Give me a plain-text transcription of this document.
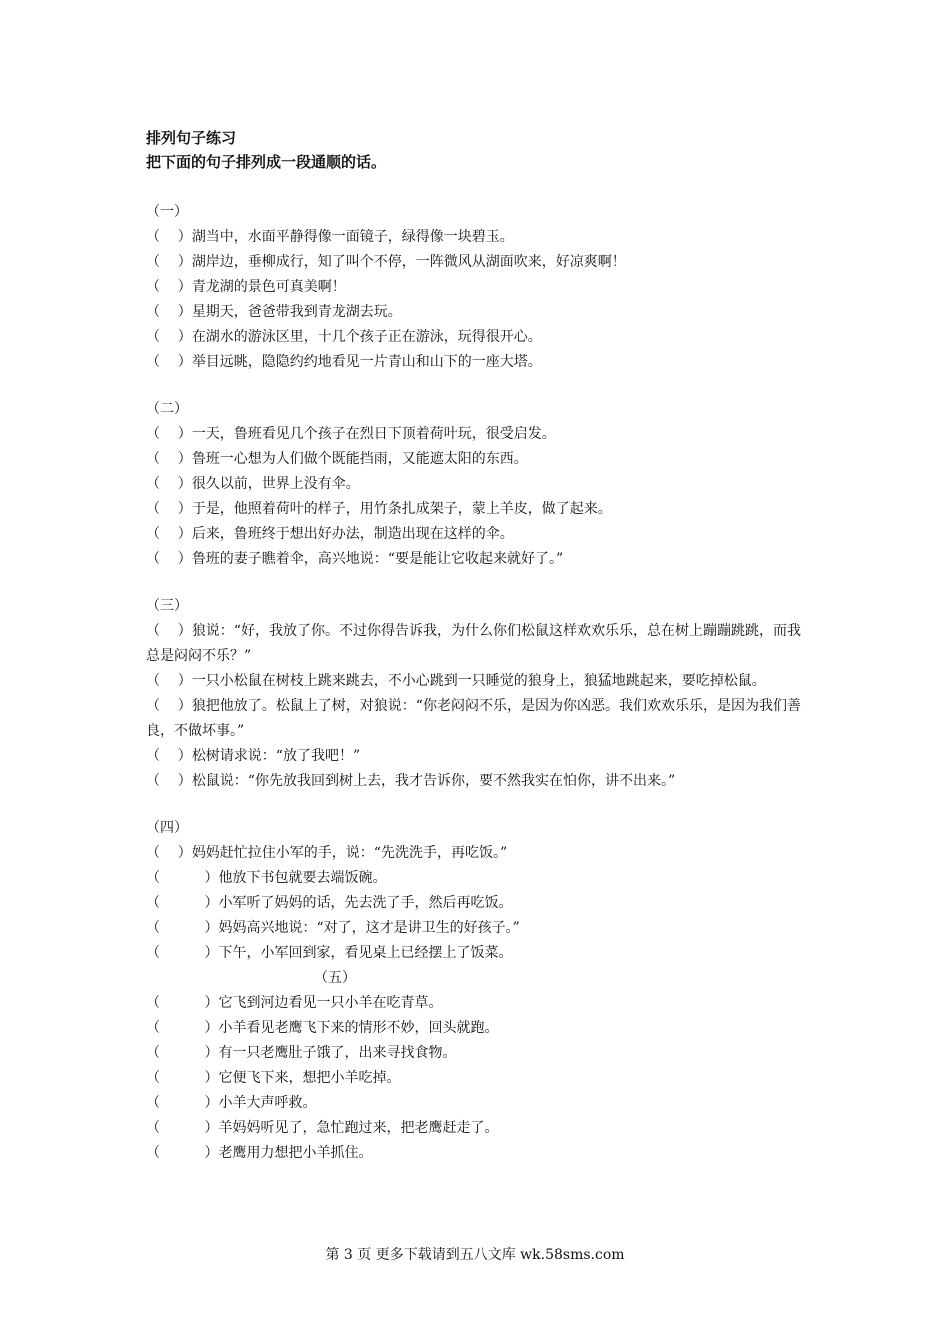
排列句子练习
把下面的句子排列成一段通顺的话。
（一）
（    ）湖当中，水面平静得像一面镜子，绿得像一块碧玉。
（    ）湖岸边，垂柳成行，知了叫个不停，一阵微风从湖面吹来，好凉爽啊！
（    ）青龙湖的景色可真美啊！
（    ）星期天，爸爸带我到青龙湖去玩。
（    ）在湖水的游泳区里，十几个孩子正在游泳，玩得很开心。
（    ）举目远眺，隐隐约约地看见一片青山和山下的一座大塔。
（二）
（    ）一天，鲁班看见几个孩子在烈日下顶着荷叶玩，很受启发。
（    ）鲁班一心想为人们做个既能挡雨，又能遮太阳的东西。
（    ）很久以前，世界上没有伞。
（    ）于是，他照着荷叶的样子，用竹条扎成架子，蒙上羊皮，做了起来。
（    ）后来，鲁班终于想出好办法，制造出现在这样的伞。
（    ）鲁班的妻子瞧着伞，高兴地说：“要是能让它收起来就好了。”
（三）
（    ）狼说：“好，我放了你。不过你得告诉我，为什么你们松鼠这样欢欢乐乐，总在树上蹦蹦跳跳，而我总是闷闷不乐？”
（    ）一只小松鼠在树枝上跳来跳去，不小心跳到一只睡觉的狼身上，狼猛地跳起来，要吃掉松鼠。
（    ）狼把他放了。松鼠上了树，对狼说：“你老闷闷不乐，是因为你凶恶。我们欢欢乐乐，是因为我们善良，不做坏事。”
（    ）松树请求说：“放了我吧！”
（    ）松鼠说：“你先放我回到树上去，我才告诉你，要不然我实在怕你，讲不出来。”
（四）
（    ）妈妈赶忙拉住小军的手，说：“先洗洗手，再吃饭。”
（          ）他放下书包就要去端饭碗。
（          ）小军听了妈妈的话，先去洗了手，然后再吃饭。
（          ）妈妈高兴地说：“对了，这才是讲卫生的好孩子。”
（          ）下午，小军回到家，看见桌上已经摆上了饭菜。
（五）
（          ）它飞到河边看见一只小羊在吃青草。
（          ）小羊看见老鹰飞下来的情形不妙，回头就跑。
（          ）有一只老鹰肚子饿了，出来寻找食物。
（          ）它便飞下来，想把小羊吃掉。
（          ）小羊大声呼救。
（          ）羊妈妈听见了，急忙跑过来，把老鹰赶走了。
（          ）老鹰用力想把小羊抓住。
第 3 页 更多下载请到五八文库 wk.58sms.com
